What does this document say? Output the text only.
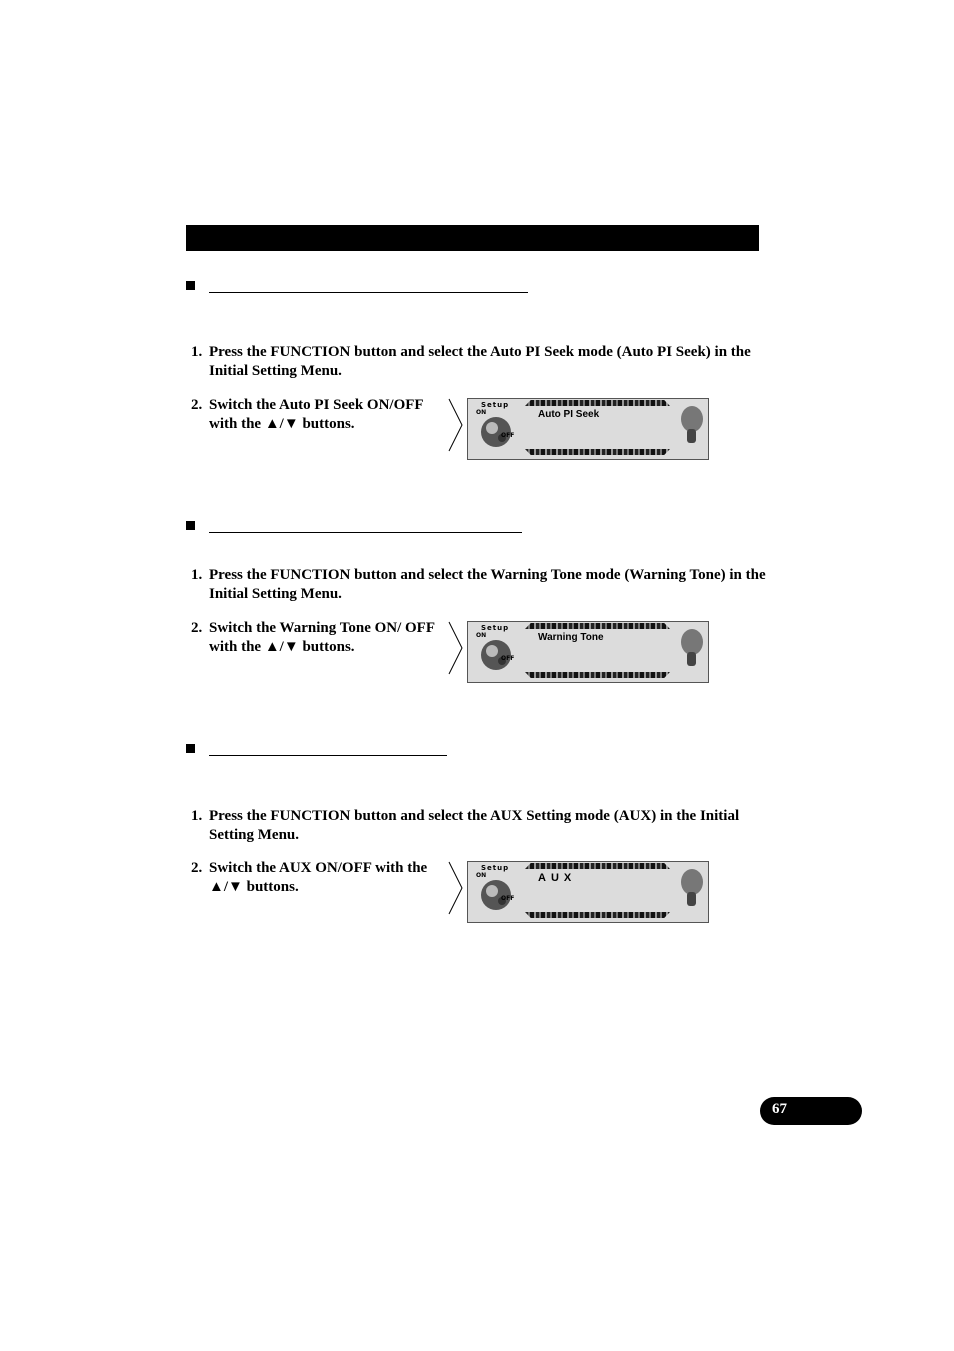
1. Press the FUNCTION button and select the Auto PI Seek mode (Auto PI Seek) in the Initial Setting Menu.
2. Switch the Auto PI Seek ON/OFF with the ▲/▼ buttons.
Setup
ON
OFF
Auto PI Seek
1. Press the FUNCTION button and select the Warning Tone mode (Warning Tone) in the Initial Setting Menu.
2. Switch the Warning Tone ON/ OFF with the ▲/▼ buttons.
Setup
ON
OFF
Warning Tone
1. Press the FUNCTION button and select the AUX Setting mode (AUX) in the Initial Setting Menu.
2. Switch the AUX ON/OFF with the ▲/▼ buttons.
Setup
ON
OFF
AUX
67
